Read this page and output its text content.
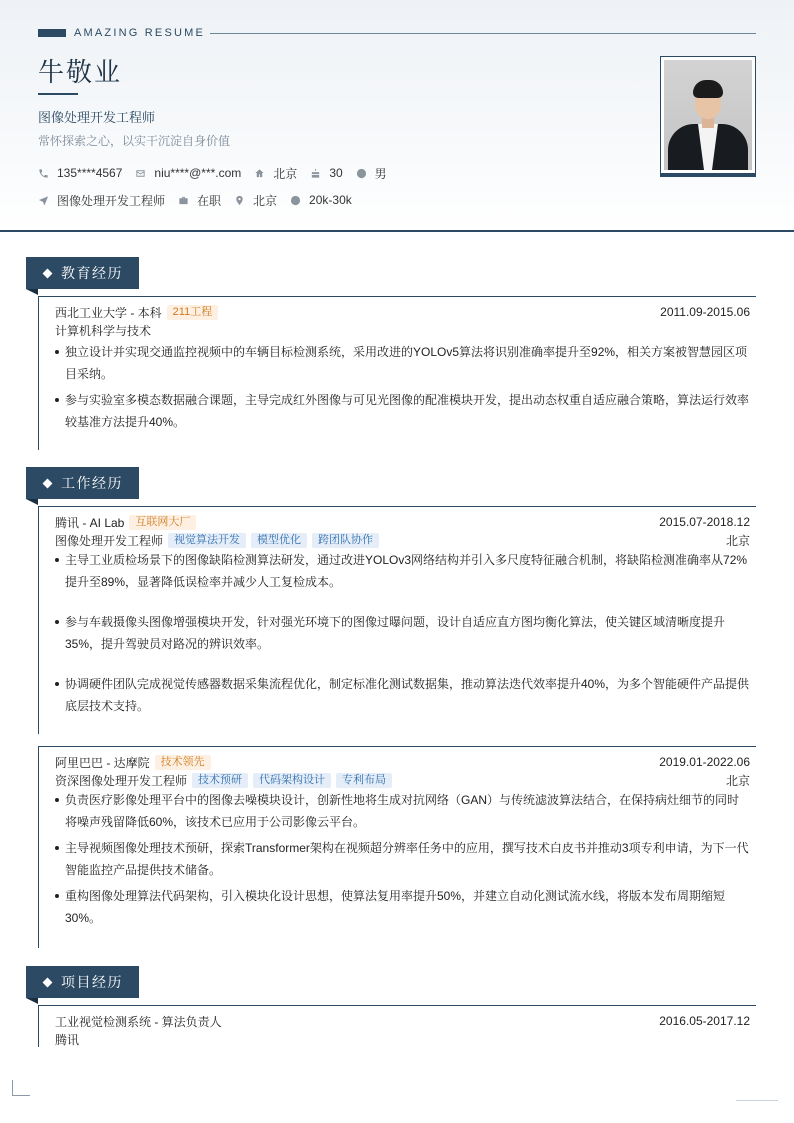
AMAZING RESUME
牛敬业
图像处理开发工程师
常怀探索之心，以实干沉淀自身价值
135****4567	niu****@***.com	北京	30	男
图像处理开发工程师	在职	北京	20k-30k
教育经历
西北工业大学 - 本科	211工程	2011.09-2015.06
计算机科学与技术
独立设计并实现交通监控视频中的车辆目标检测系统，采用改进的YOLOv5算法将识别准确率提升至92%，相关方案被智慧园区项目采纳。
参与实验室多模态数据融合课题，主导完成红外图像与可见光图像的配准模块开发，提出动态权重自适应融合策略，算法运行效率较基准方法提升40%。
工作经历
腾讯 - AI Lab	互联网大厂	2015.07-2018.12
图像处理开发工程师	视觉算法开发	模型优化	跨团队协作	北京
主导工业质检场景下的图像缺陷检测算法研发，通过改进YOLOv3网络结构并引入多尺度特征融合机制，将缺陷检测准确率从72%提升至89%，显著降低误检率并减少人工复检成本。
参与车载摄像头图像增强模块开发，针对强光环境下的图像过曝问题，设计自适应直方图均衡化算法，使关键区域清晰度提升35%，提升驾驶员对路况的辨识效率。
协调硬件团队完成视觉传感器数据采集流程优化，制定标准化测试数据集，推动算法迭代效率提升40%，为多个智能硬件产品提供底层技术支持。
阿里巴巴 - 达摩院	技术领先	2019.01-2022.06
资深图像处理开发工程师	技术预研	代码架构设计	专利布局	北京
负责医疗影像处理平台中的图像去噪模块设计，创新性地将生成对抗网络（GAN）与传统滤波算法结合，在保持病灶细节的同时将噪声残留降低60%，该技术已应用于公司影像云平台。
主导视频图像处理技术预研，探索Transformer架构在视频超分辨率任务中的应用，撰写技术白皮书并推动3项专利申请，为下一代智能监控产品提供技术储备。
重构图像处理算法代码架构，引入模块化设计思想，使算法复用率提升50%，并建立自动化测试流水线，将版本发布周期缩短30%。
项目经历
工业视觉检测系统 - 算法负责人	2016.05-2017.12
腾讯
